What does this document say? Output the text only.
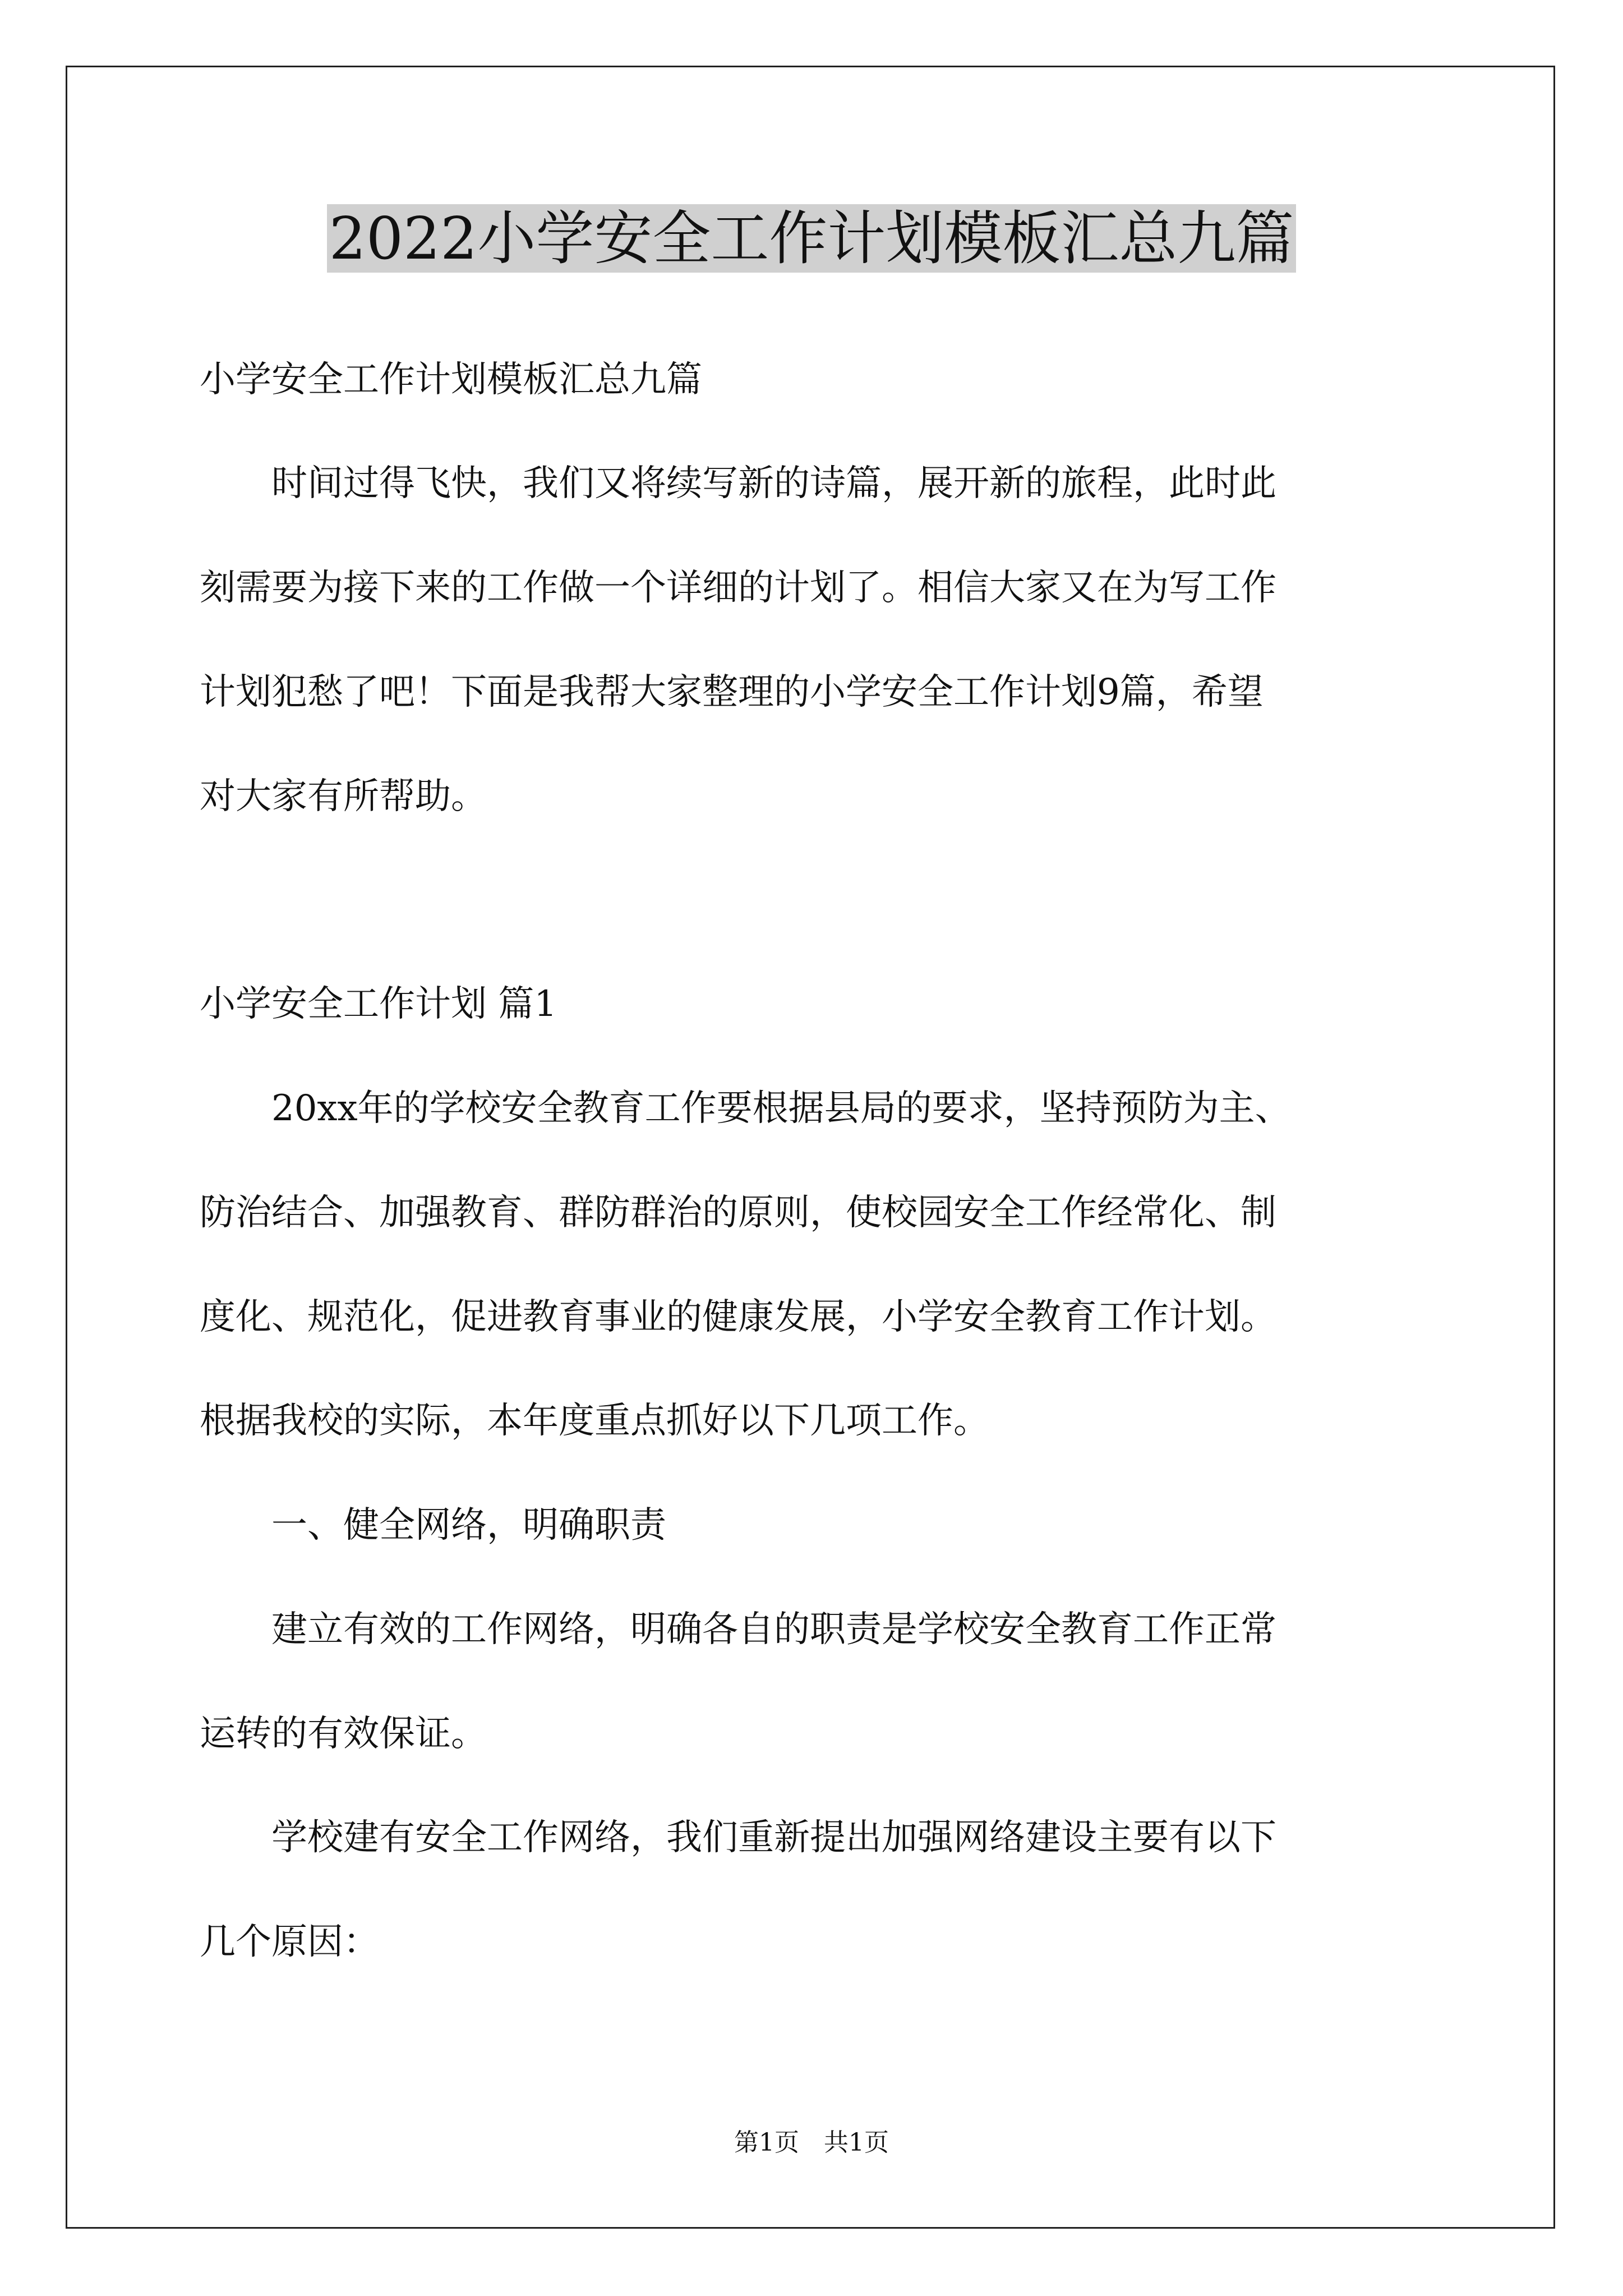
2022小学安全工作计划模板汇总九篇
小学安全工作计划模板汇总九篇
　　时间过得飞快，我们又将续写新的诗篇，展开新的旅程，此时此
刻需要为接下来的工作做一个详细的计划了。相信大家又在为写工作
计划犯愁了吧！下面是我帮大家整理的小学安全工作计划9篇，希望
对大家有所帮助。
小学安全工作计划 篇1
　　20xx年的学校安全教育工作要根据县局的要求，坚持预防为主、
防治结合、加强教育、群防群治的原则，使校园安全工作经常化、制
度化、规范化，促进教育事业的健康发展，小学安全教育工作计划。
根据我校的实际，本年度重点抓好以下几项工作。
　　一、健全网络，明确职责
　　建立有效的工作网络，明确各自的职责是学校安全教育工作正常
运转的有效保证。
　　学校建有安全工作网络，我们重新提出加强网络建设主要有以下
几个原因：
第1页　共1页
